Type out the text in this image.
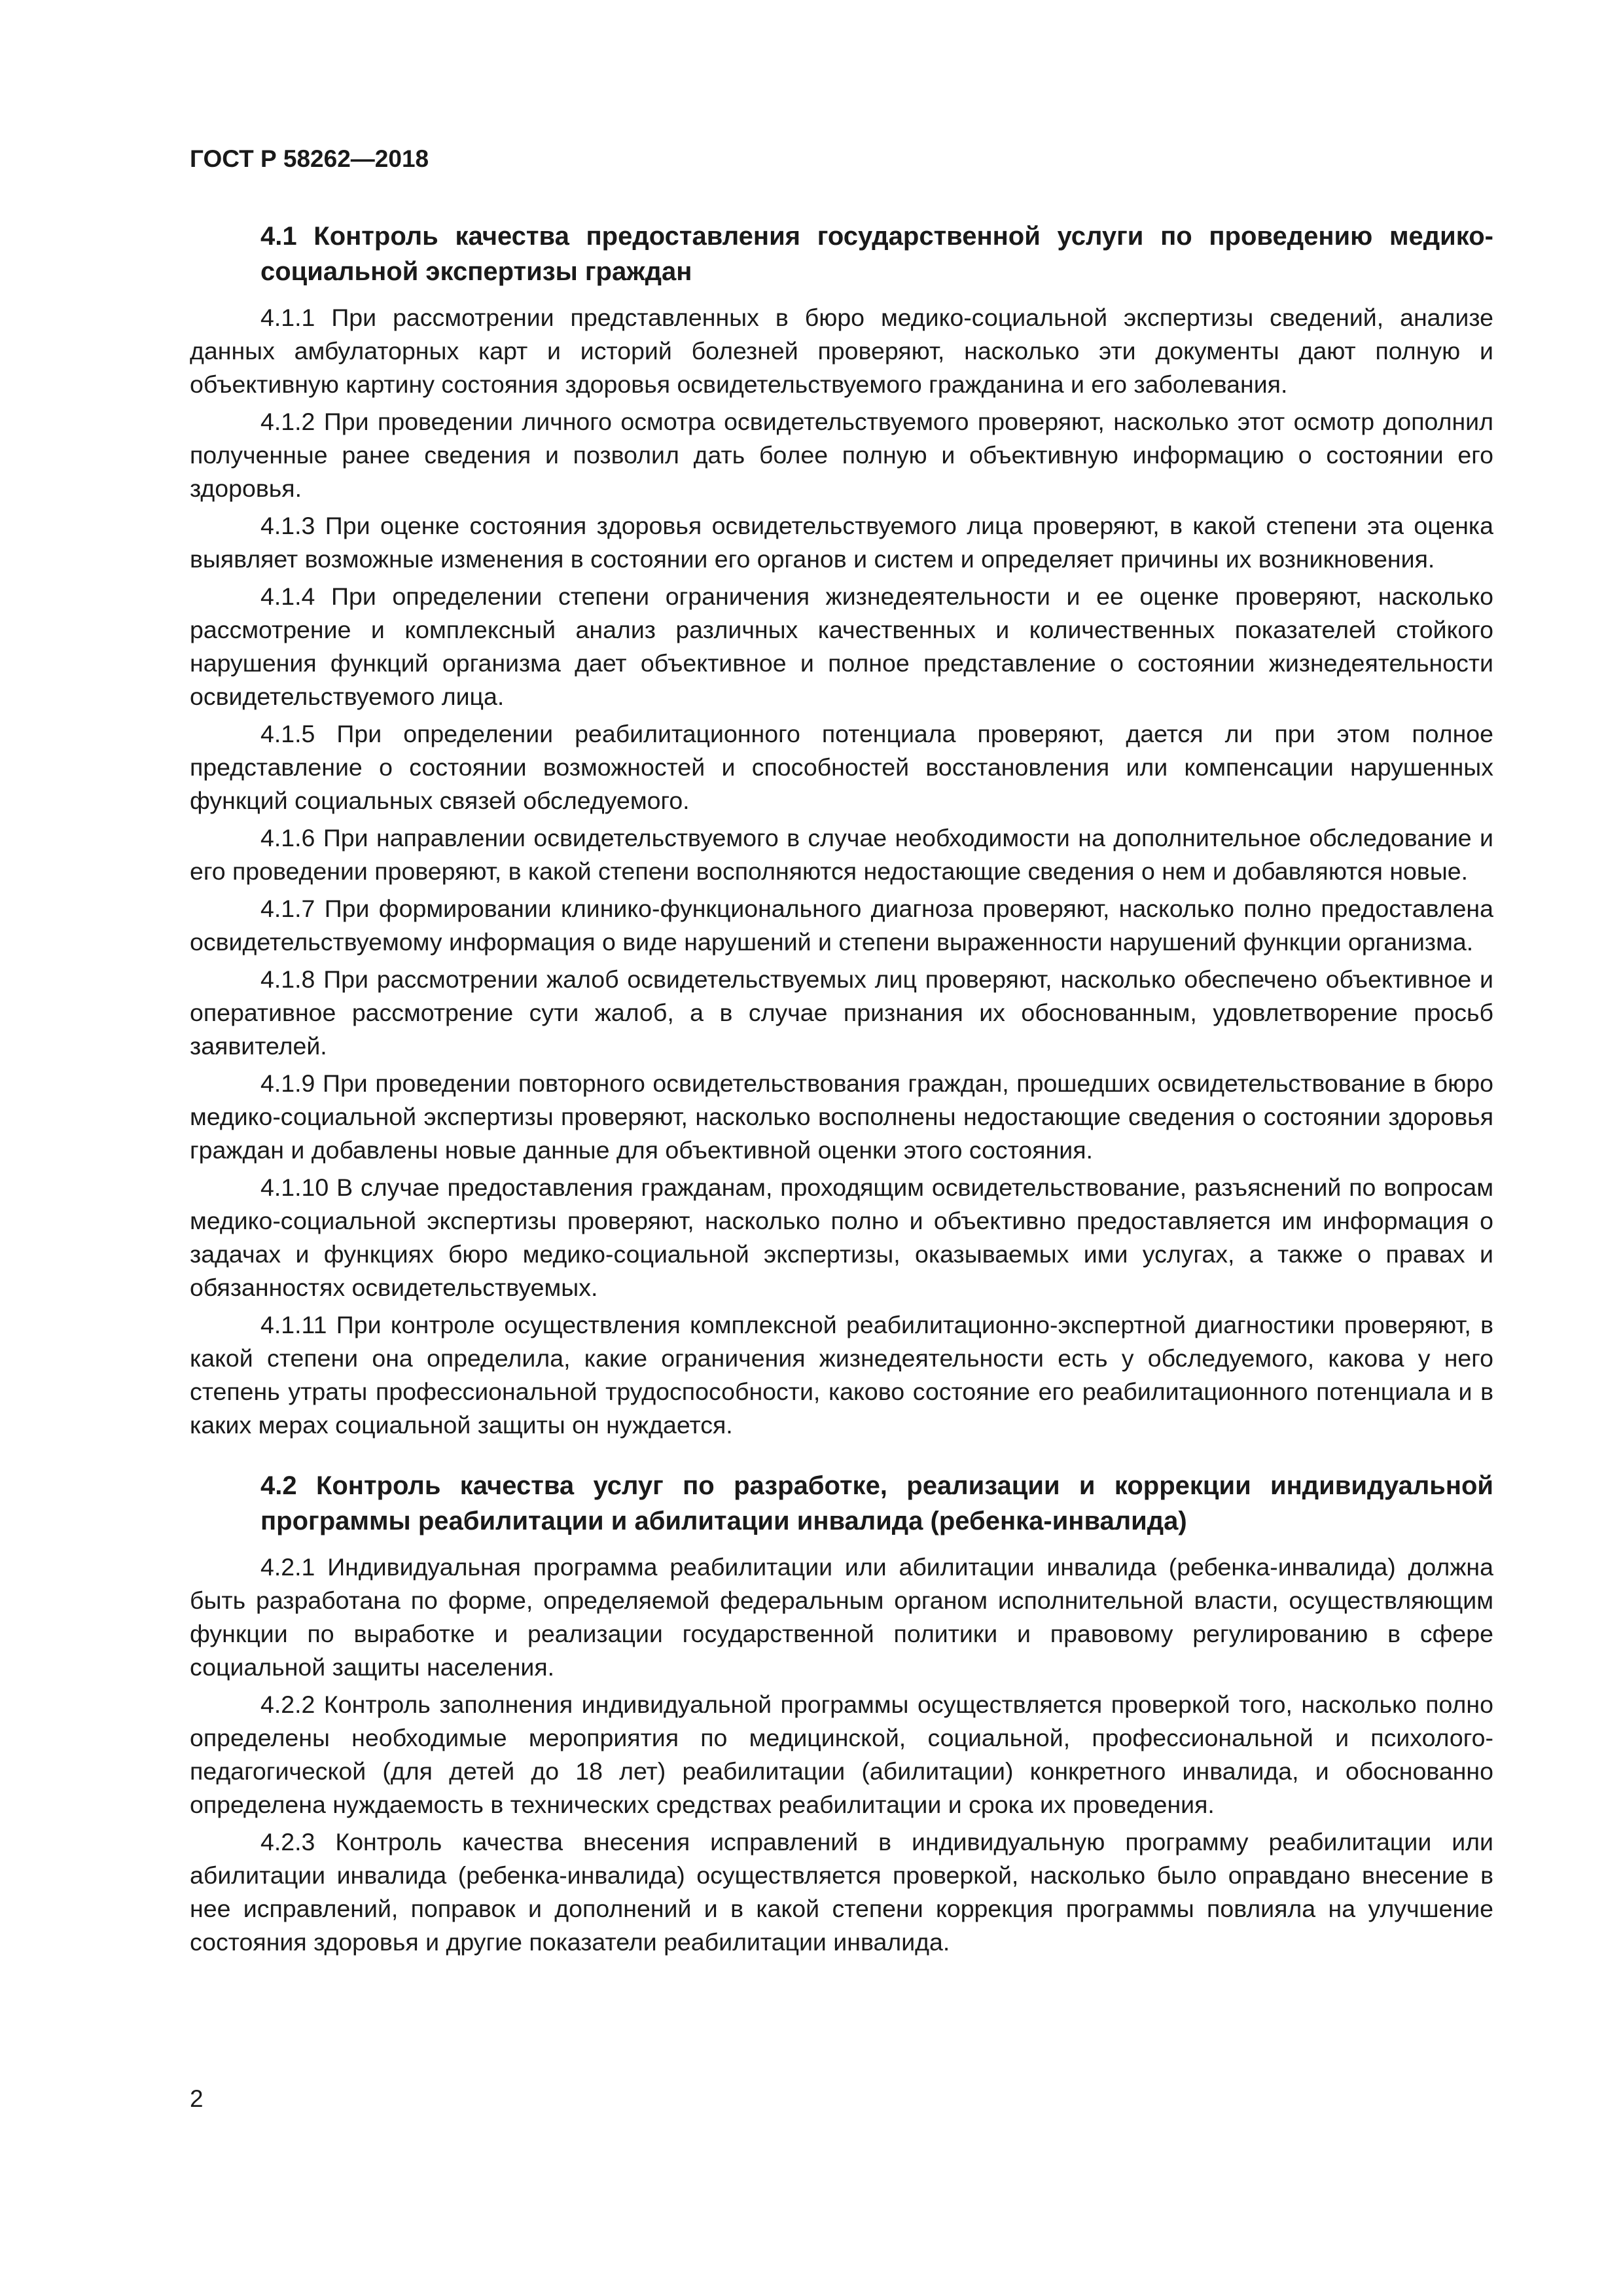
ГОСТ Р 58262—2018
4.1 Контроль качества предоставления государственной услуги по проведению медико-социальной экспертизы граждан

4.1.1 При рассмотрении представленных в бюро медико-социальной экспертизы сведений, анализе данных амбулаторных карт и историй болезней проверяют, насколько эти документы дают полную и объективную картину состояния здоровья освидетельствуемого гражданина и его заболевания.

4.1.2 При проведении личного осмотра освидетельствуемого проверяют, насколько этот осмотр дополнил полученные ранее сведения и позволил дать более полную и объективную информацию о состоянии его здоровья.

4.1.3 При оценке состояния здоровья освидетельствуемого лица проверяют, в какой степени эта оценка выявляет возможные изменения в состоянии его органов и систем и определяет причины их возникновения.

4.1.4 При определении степени ограничения жизнедеятельности и ее оценке проверяют, насколько рассмотрение и комплексный анализ различных качественных и количественных показателей стойкого нарушения функций организма дает объективное и полное представление о состоянии жизнедеятельности освидетельствуемого лица.

4.1.5 При определении реабилитационного потенциала проверяют, дается ли при этом полное представление о состоянии возможностей и способностей восстановления или компенсации нарушенных функций социальных связей обследуемого.

4.1.6 При направлении освидетельствуемого в случае необходимости на дополнительное обследование и его проведении проверяют, в какой степени восполняются недостающие сведения о нем и добавляются новые.

4.1.7 При формировании клинико-функционального диагноза проверяют, насколько полно предоставлена освидетельствуемому информация о виде нарушений и степени выраженности нарушений функции организма.

4.1.8 При рассмотрении жалоб освидетельствуемых лиц проверяют, насколько обеспечено объективное и оперативное рассмотрение сути жалоб, а в случае признания их обоснованным, удовлетворение просьб заявителей.

4.1.9 При проведении повторного освидетельствования граждан, прошедших освидетельствование в бюро медико-социальной экспертизы проверяют, насколько восполнены недостающие сведения о состоянии здоровья граждан и добавлены новые данные для объективной оценки этого состояния.

4.1.10 В случае предоставления гражданам, проходящим освидетельствование, разъяснений по вопросам медико-социальной экспертизы проверяют, насколько полно и объективно предоставляется им информация о задачах и функциях бюро медико-социальной экспертизы, оказываемых ими услугах, а также о правах и обязанностях освидетельствуемых.

4.1.11 При контроле осуществления комплексной реабилитационно-экспертной диагностики проверяют, в какой степени она определила, какие ограничения жизнедеятельности есть у обследуемого, какова у него степень утраты профессиональной трудоспособности, каково состояние его реабилитационного потенциала и в каких мерах социальной защиты он нуждается.

4.2 Контроль качества услуг по разработке, реализации и коррекции индивидуальной программы реабилитации и абилитации инвалида (ребенка-инвалида)

4.2.1 Индивидуальная программа реабилитации или абилитации инвалида (ребенка-инвалида) должна быть разработана по форме, определяемой федеральным органом исполнительной власти, осуществляющим функции по выработке и реализации государственной политики и правовому регулированию в сфере социальной защиты населения.

4.2.2 Контроль заполнения индивидуальной программы осуществляется проверкой того, насколько полно определены необходимые мероприятия по медицинской, социальной, профессиональной и психолого-педагогической (для детей до 18 лет) реабилитации (абилитации) конкретного инвалида, и обоснованно определена нуждаемость в технических средствах реабилитации и срока их проведения.

4.2.3 Контроль качества внесения исправлений в индивидуальную программу реабилитации или абилитации инвалида (ребенка-инвалида) осуществляется проверкой, насколько было оправдано внесение в нее исправлений, поправок и дополнений и в какой степени коррекция программы повлияла на улучшение состояния здоровья и другие показатели реабилитации инвалида.

2
